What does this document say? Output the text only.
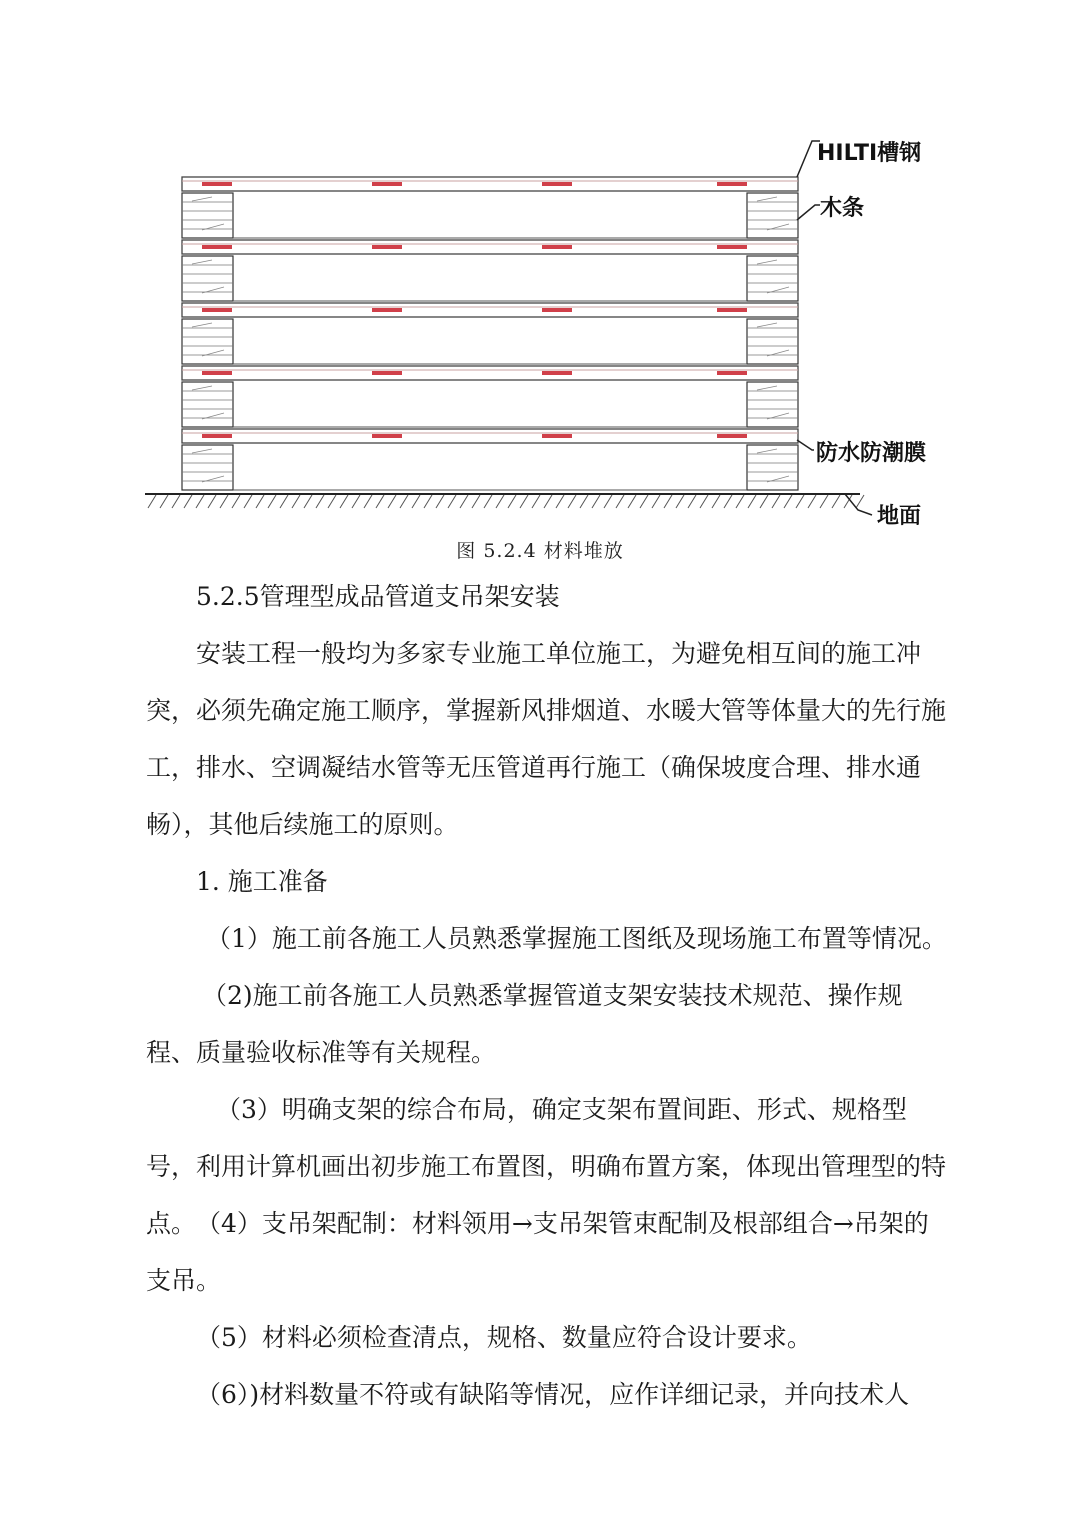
HILTI槽钢
木条
防水防潮膜
地面
图 5.2.4 材料堆放
5.2.5管理型成品管道支吊架安装

安装工程一般均为多家专业施工单位施工，为避免相互间的施工冲突，必须先确定施工顺序，掌握新风排烟道、水暖大管等体量大的先行施工，排水、空调凝结水管等无压管道再行施工（确保坡度合理、排水通畅），其他后续施工的原则。

1. 施工准备

（1）施工前各施工人员熟悉掌握施工图纸及现场施工布置等情况。

（2)施工前各施工人员熟悉掌握管道支架安装技术规范、操作规程、质量验收标准等有关规程。

（3）明确支架的综合布局，确定支架布置间距、形式、规格型号，利用计算机画出初步施工布置图，明确布置方案，体现出管理型的特点。 （4）支吊架配制：材料领用→支吊架管束配制及根部组合→吊架的支吊。

（5）材料必须检查清点，规格、数量应符合设计要求。

（6）)材料数量不符或有缺陷等情况，应作详细记录，并向技术人
